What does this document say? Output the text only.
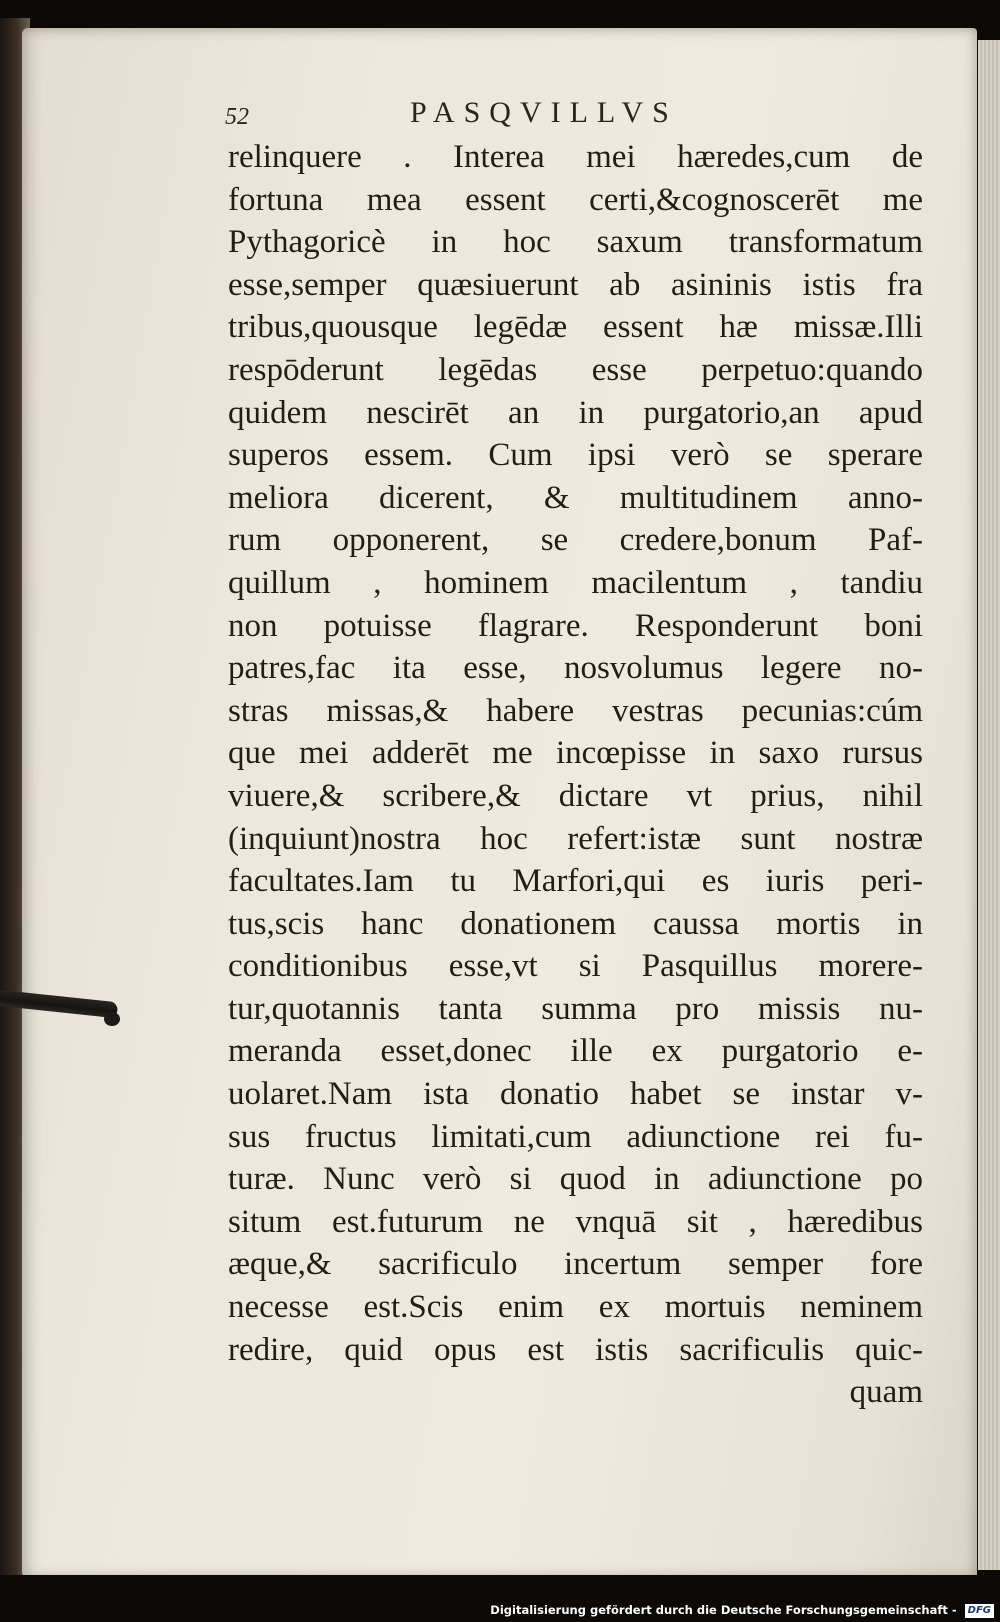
52	PASQVILLVS
relinquere . Interea mei hæredes,cum de
fortuna mea essent certi,&cognoscerēt me
Pythagoricè in hoc saxum transformatum
esse,semper quæsiuerunt ab asininis istis fra
tribus,quousque legēdæ essent hæ missæ.Illi
respōderunt legēdas esse perpetuo:quando
quidem nescirēt an in purgatorio,an apud
superos essem. Cum ipsi verò se sperare
meliora dicerent, & multitudinem anno-
rum opponerent, se credere,bonum Paf-
quillum , hominem macilentum , tandiu
non potuisse flagrare. Responderunt boni
patres,fac ita esse, nosvolumus legere no-
stras missas,& habere vestras pecunias:cúm
que mei adderēt me incœpisse in saxo rursus
viuere,& scribere,& dictare vt prius, nihil
(inquiunt)nostra hoc refert:istæ sunt nostræ
facultates.Iam tu Marfori,qui es iuris peri-
tus,scis hanc donationem caussa mortis in
conditionibus esse,vt si Pasquillus morere-
tur,quotannis tanta summa pro missis nu-
meranda esset,donec ille ex purgatorio e-
uolaret.Nam ista donatio habet se instar v-
sus fructus limitati,cum adiunctione rei fu-
turæ. Nunc verò si quod in adiunctione po
situm est.futurum ne vnquā sit , hæredibus
æque,& sacrificulo incertum semper fore
necesse est.Scis enim ex mortuis neminem
redire, quid opus est istis sacrificulis quic-
quam
Digitalisierung gefördert durch die Deutsche Forschungsgemeinschaft - DFG
